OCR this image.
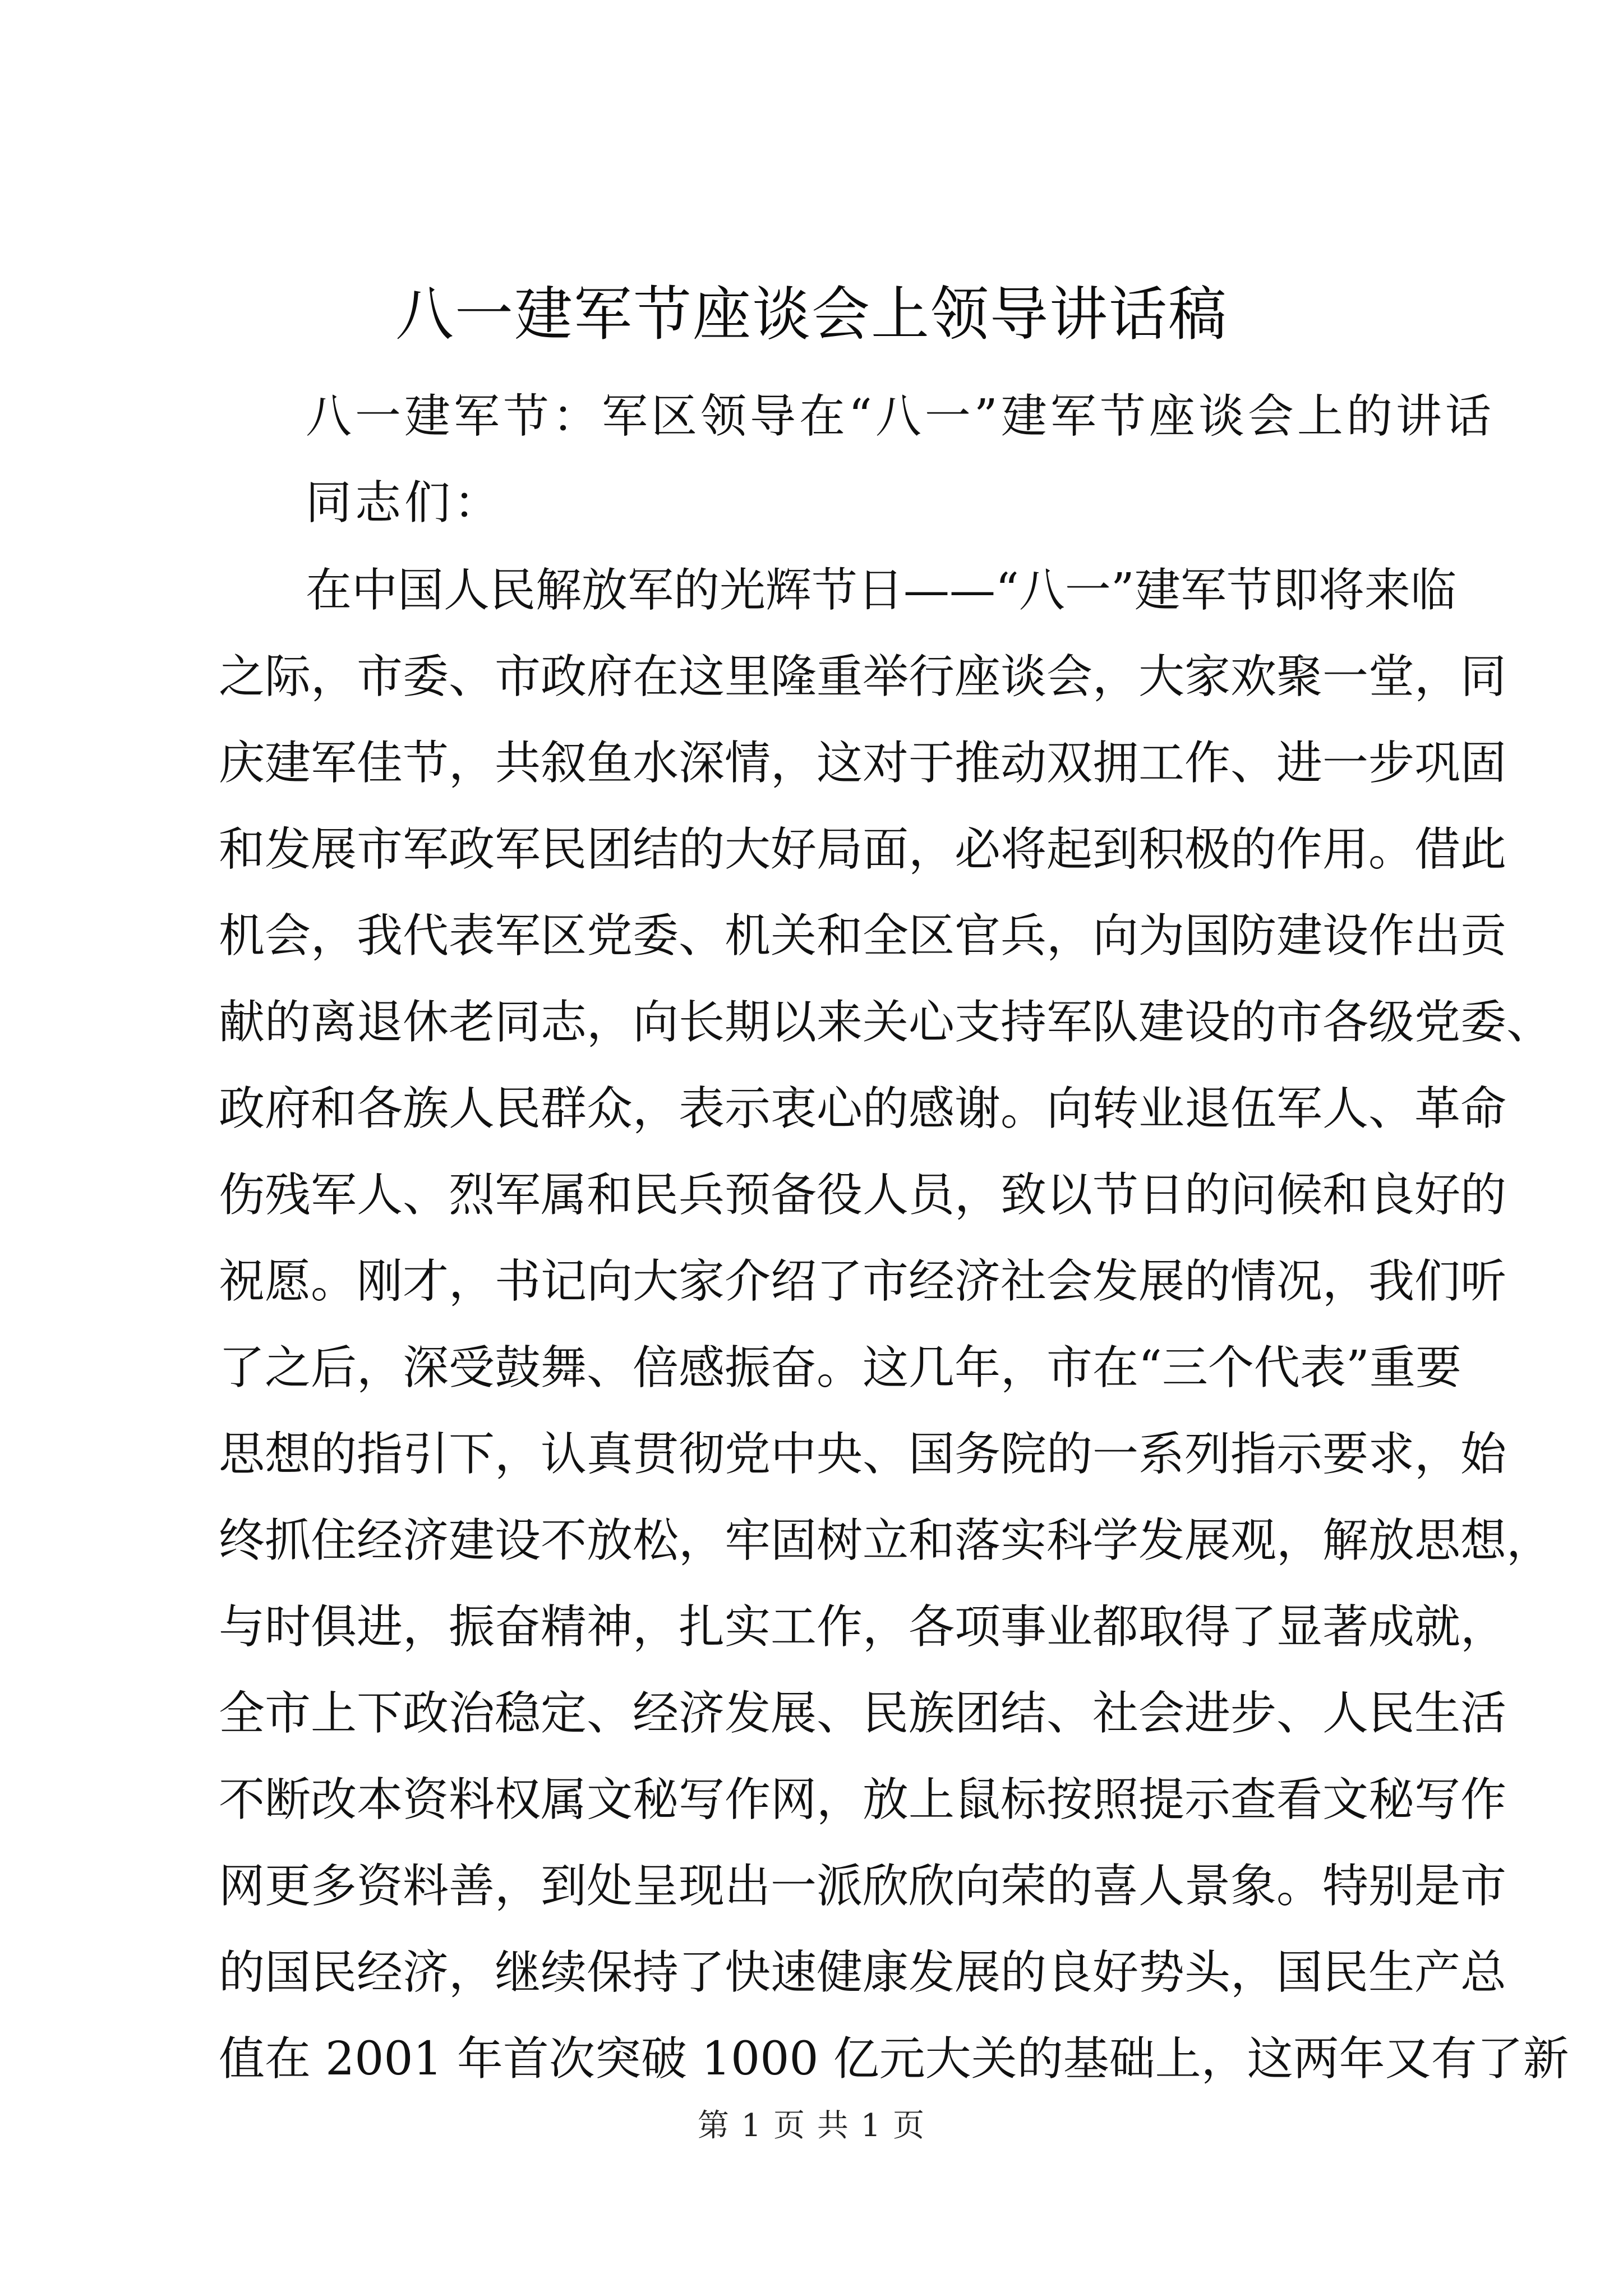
八一建军节座谈会上领导讲话稿
八一建军节：军区领导在“八一”建军节座谈会上的讲话
同志们：
在中国人民解放军的光辉节日——“八一”建军节即将来临
之际，市委、市政府在这里隆重举行座谈会，大家欢聚一堂，同
庆建军佳节，共叙鱼水深情，这对于推动双拥工作、进一步巩固
和发展市军政军民团结的大好局面，必将起到积极的作用。借此
机会，我代表军区党委、机关和全区官兵，向为国防建设作出贡
献的离退休老同志，向长期以来关心支持军队建设的市各级党委、
政府和各族人民群众，表示衷心的感谢。向转业退伍军人、革命
伤残军人、烈军属和民兵预备役人员，致以节日的问候和良好的
祝愿。刚才，书记向大家介绍了市经济社会发展的情况，我们听
了之后，深受鼓舞、倍感振奋。这几年，市在“三个代表”重要
思想的指引下，认真贯彻党中央、国务院的一系列指示要求，始
终抓住经济建设不放松，牢固树立和落实科学发展观，解放思想，
与时俱进，振奋精神，扎实工作，各项事业都取得了显著成就，
全市上下政治稳定、经济发展、民族团结、社会进步、人民生活
不断改本资料权属文秘写作网，放上鼠标按照提示查看文秘写作
网更多资料善，到处呈现出一派欣欣向荣的喜人景象。特别是市
的国民经济，继续保持了快速健康发展的良好势头，国民生产总
值在 2001 年首次突破 1000 亿元大关的基础上，这两年又有了新
第 1 页 共 1 页
